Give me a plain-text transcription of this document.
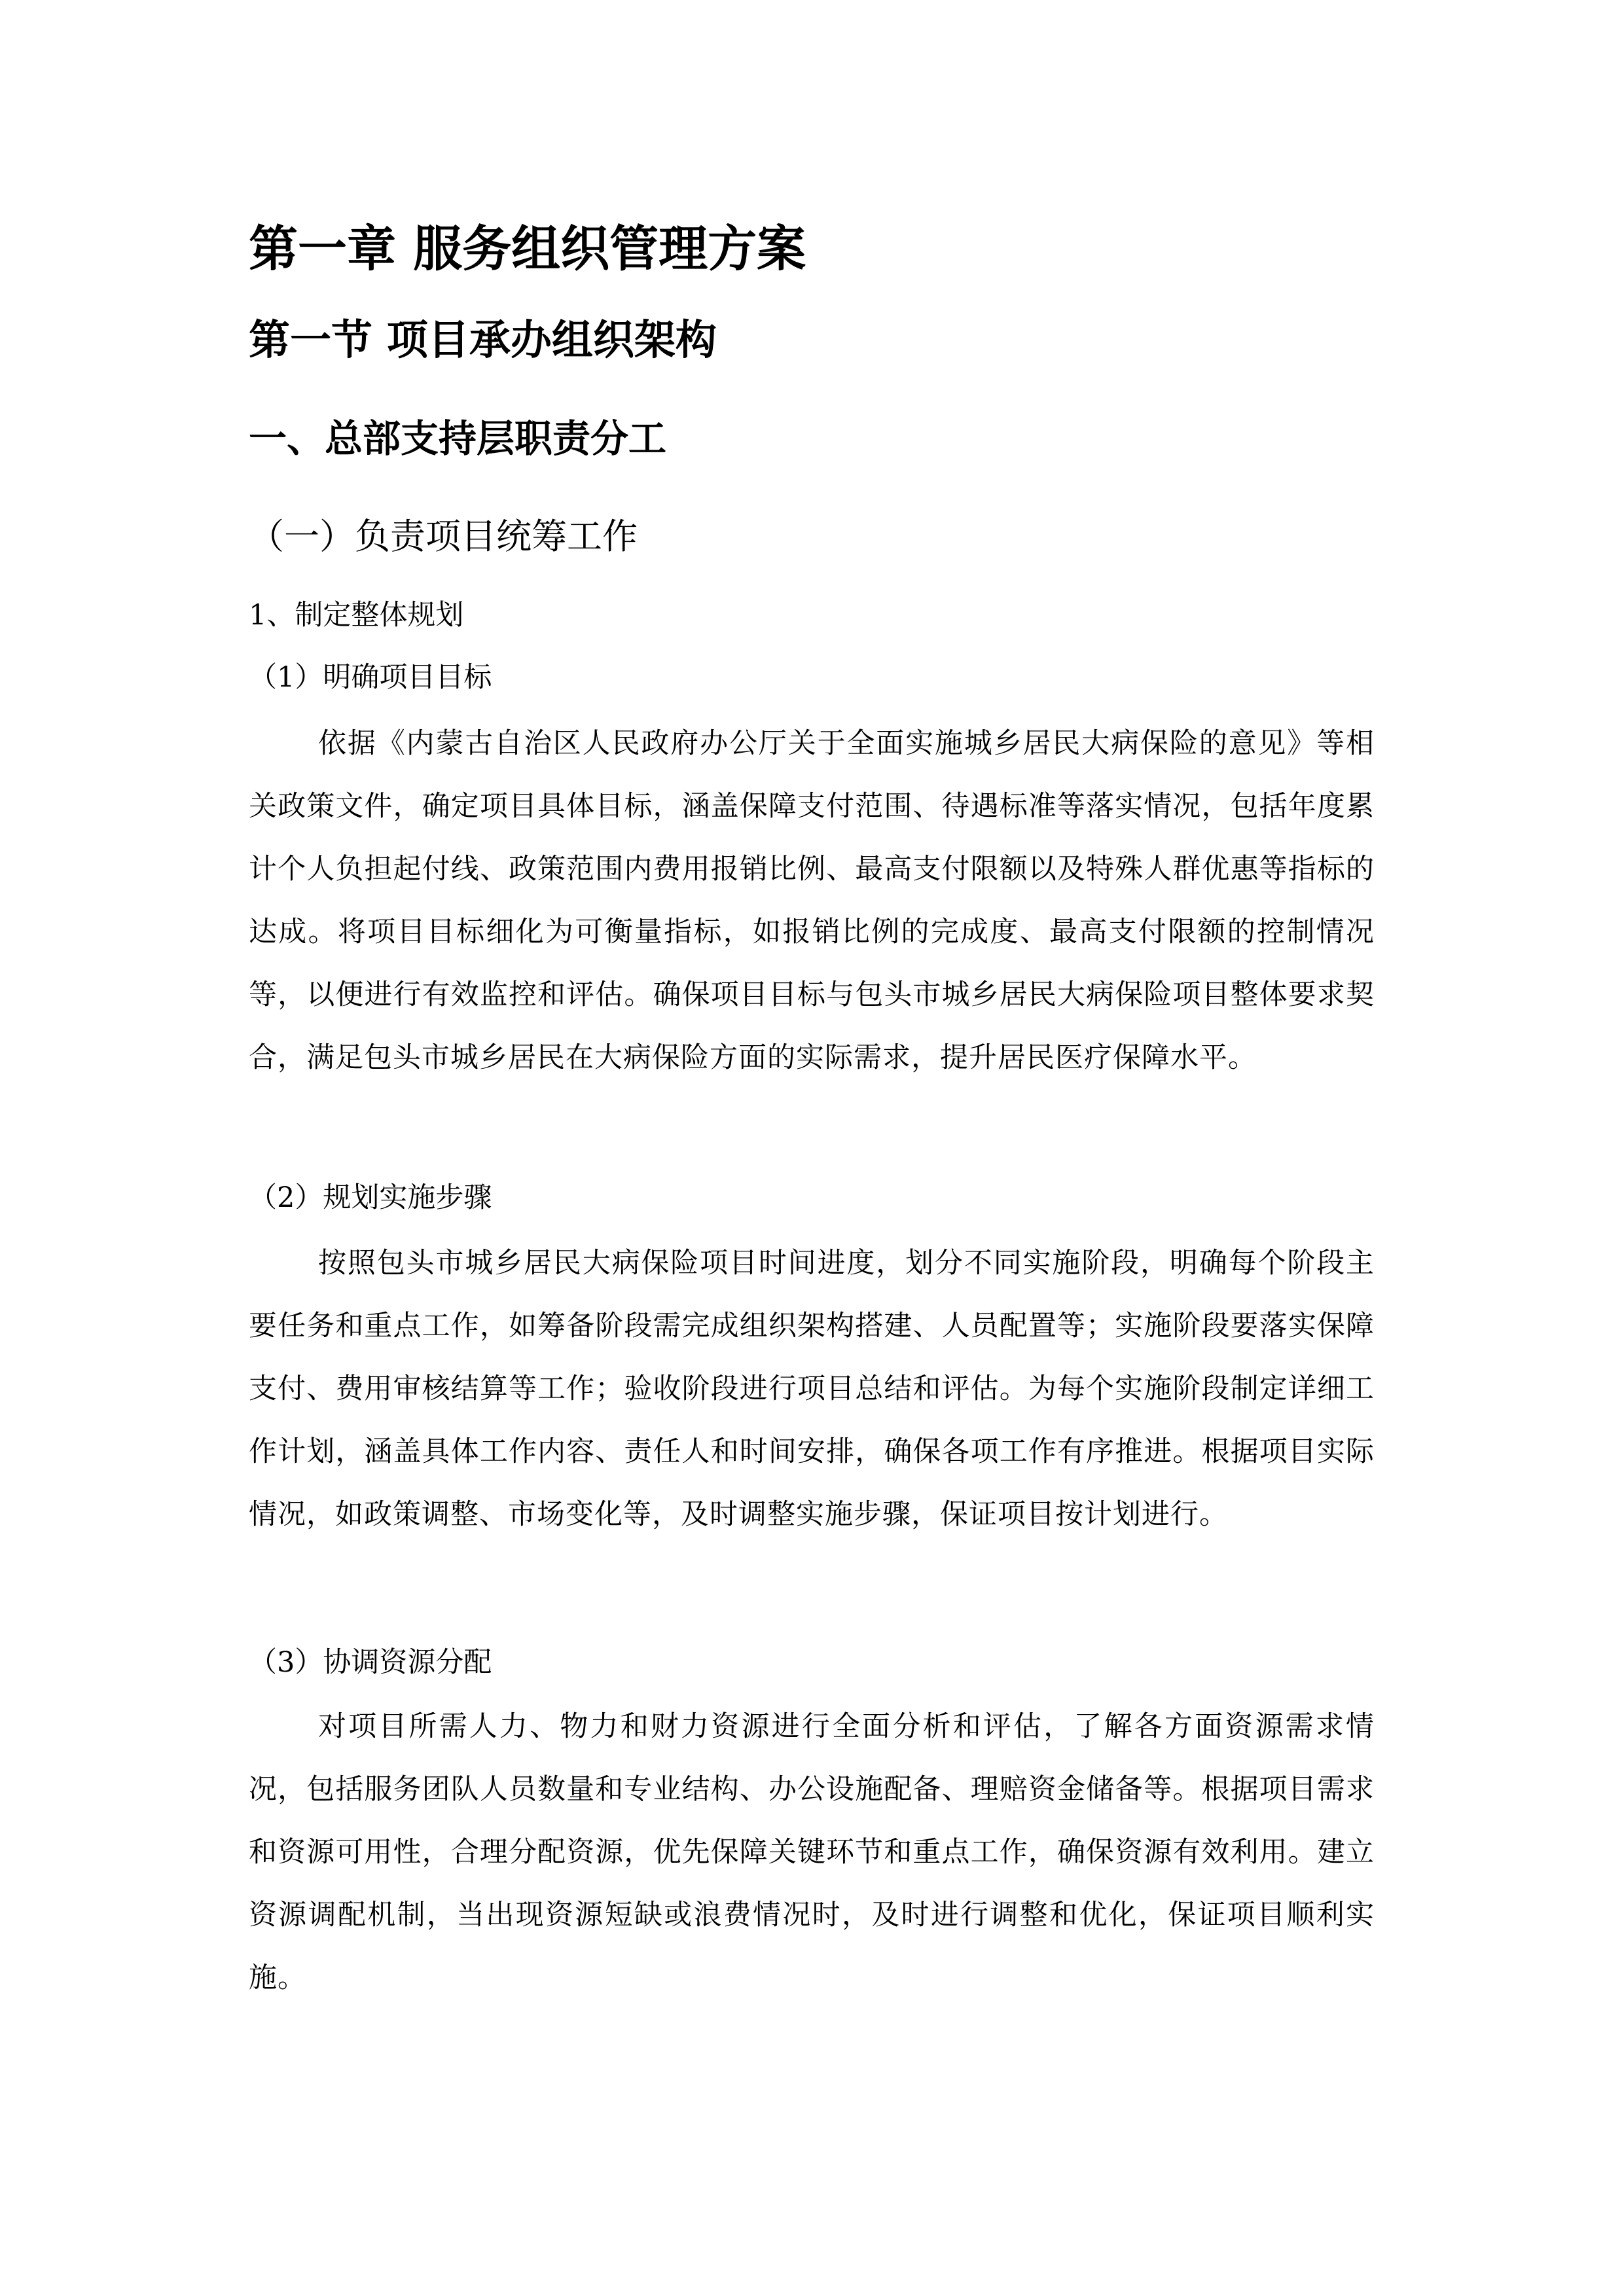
第一章 服务组织管理方案
第一节 项目承办组织架构
一、总部支持层职责分工
（一）负责项目统筹工作
1、制定整体规划
（1）明确项目目标

依据《内蒙古自治区人民政府办公厅关于全面实施城乡居民大病保险的意见》等相关政策文件，确定项目具体目标，涵盖保障支付范围、待遇标准等落实情况，包括年度累计个人负担起付线、政策范围内费用报销比例、最高支付限额以及特殊人群优惠等指标的达成。将项目目标细化为可衡量指标，如报销比例的完成度、最高支付限额的控制情况等，以便进行有效监控和评估。确保项目目标与包头市城乡居民大病保险项目整体要求契合，满足包头市城乡居民在大病保险方面的实际需求，提升居民医疗保障水平。

（2）规划实施步骤

按照包头市城乡居民大病保险项目时间进度，划分不同实施阶段，明确每个阶段主要任务和重点工作，如筹备阶段需完成组织架构搭建、人员配置等；实施阶段要落实保障支付、费用审核结算等工作；验收阶段进行项目总结和评估。为每个实施阶段制定详细工作计划，涵盖具体工作内容、责任人和时间安排，确保各项工作有序推进。根据项目实际情况，如政策调整、市场变化等，及时调整实施步骤，保证项目按计划进行。

（3）协调资源分配

对项目所需人力、物力和财力资源进行全面分析和评估，了解各方面资源需求情况，包括服务团队人员数量和专业结构、办公设施配备、理赔资金储备等。根据项目需求和资源可用性，合理分配资源，优先保障关键环节和重点工作，确保资源有效利用。建立资源调配机制，当出现资源短缺或浪费情况时，及时进行调整和优化，保证项目顺利实施。
